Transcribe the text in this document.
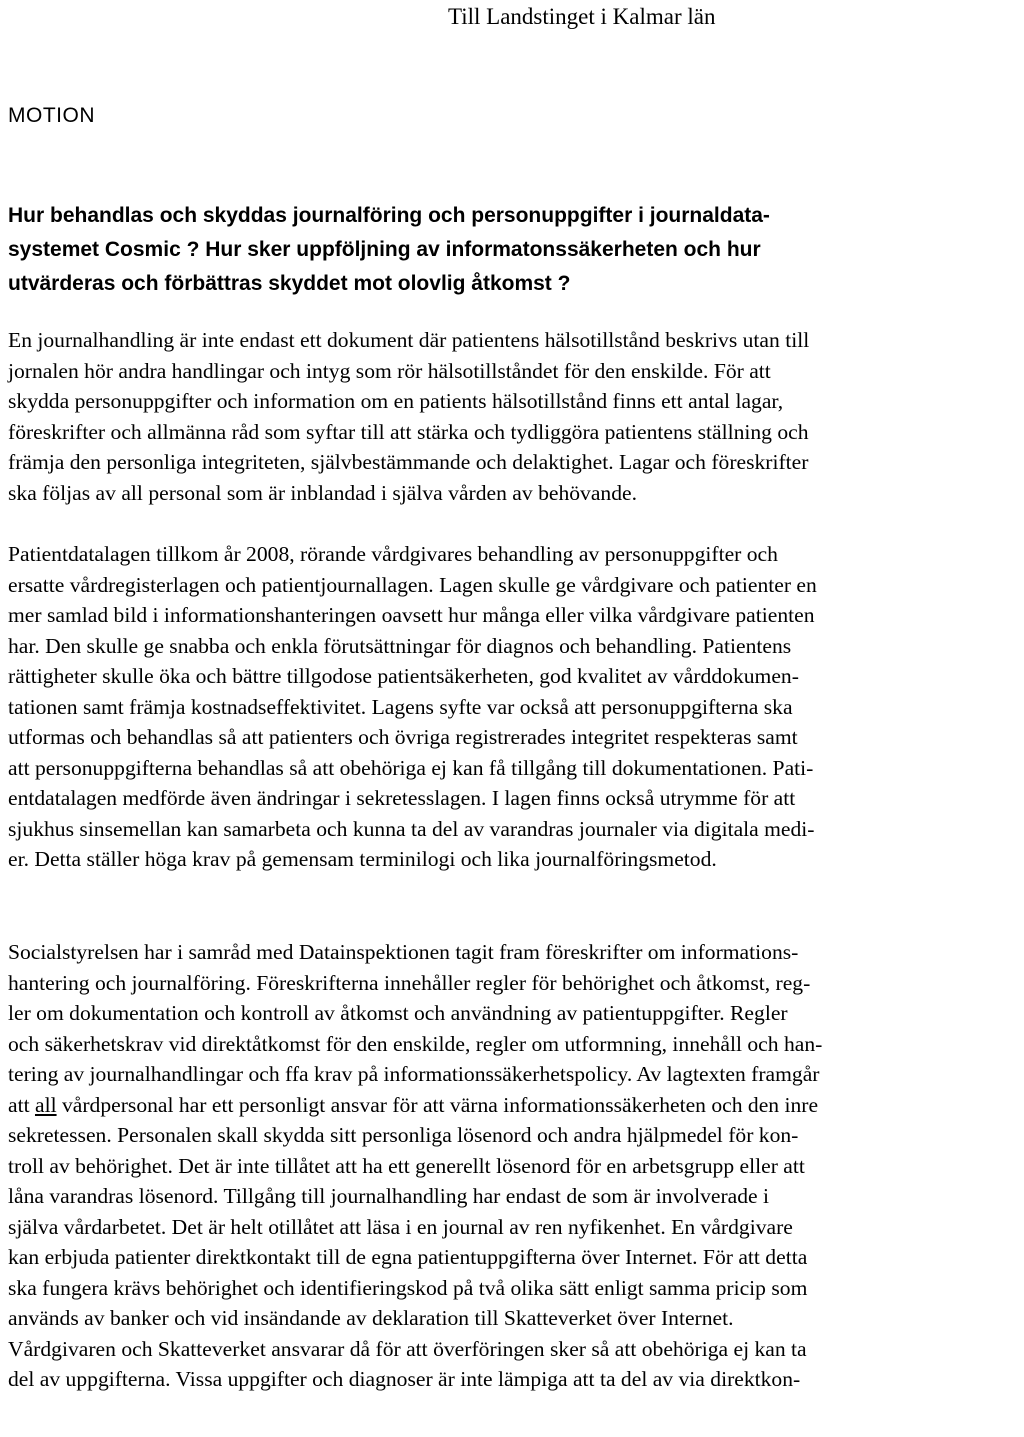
Till Landstinget i Kalmar län
MOTION
Hur behandlas och skyddas journalföring och personuppgifter i journaldata-
systemet Cosmic ? Hur sker uppföljning av informatonssäkerheten och hur
utvärderas och förbättras skyddet mot olovlig åtkomst ?
En journalhandling är inte endast ett dokument där patientens hälsotillstånd beskrivs utan till
jornalen hör andra handlingar och intyg som rör hälsotillståndet för den enskilde. För att
skydda personuppgifter och information om en patients hälsotillstånd finns ett antal lagar,
föreskrifter och allmänna råd som syftar till att stärka och tydliggöra patientens ställning och
främja den personliga integriteten, självbestämmande och delaktighet. Lagar och föreskrifter
ska följas av all personal som är inblandad i själva vården av behövande.
Patientdatalagen tillkom år 2008, rörande vårdgivares behandling av personuppgifter och
ersatte vårdregisterlagen och patientjournallagen. Lagen skulle ge vårdgivare och patienter en
mer samlad bild i informationshanteringen oavsett hur många eller vilka vårdgivare patienten
har. Den skulle ge snabba och enkla förutsättningar för diagnos och behandling. Patientens
rättigheter skulle öka och bättre tillgodose patientsäkerheten, god kvalitet av vårddokumen-
tationen samt främja kostnadseffektivitet. Lagens syfte var också att personuppgifterna ska
utformas och behandlas så att patienters och övriga registrerades integritet respekteras samt
att personuppgifterna behandlas så att obehöriga ej kan få tillgång till dokumentationen. Pati-
entdatalagen medförde även ändringar i sekretesslagen. I lagen finns också utrymme för att
sjukhus sinsemellan kan samarbeta och kunna ta del av varandras journaler via digitala medi-
er. Detta ställer höga krav på gemensam terminilogi och lika journalföringsmetod.
Socialstyrelsen har i samråd med Datainspektionen tagit fram föreskrifter om informations-
hantering och journalföring. Föreskrifterna innehåller regler för behörighet och åtkomst, reg-
ler om dokumentation och kontroll av åtkomst och användning av patientuppgifter. Regler
och säkerhetskrav vid direktåtkomst för den enskilde, regler om utformning, innehåll och han-
tering av journalhandlingar och ffa krav på informationssäkerhetspolicy. Av lagtexten framgår
att all vårdpersonal har ett personligt ansvar för att värna informationssäkerheten och den inre
sekretessen. Personalen skall skydda sitt personliga lösenord och andra hjälpmedel för kon-
troll av behörighet. Det är inte tillåtet att ha ett generellt lösenord för en arbetsgrupp eller att
låna varandras lösenord. Tillgång till journalhandling har endast de som är involverade i
själva vårdarbetet. Det är helt otillåtet att läsa i en journal av ren nyfikenhet. En vårdgivare
kan erbjuda patienter direktkontakt till de egna patientuppgifterna över Internet. För att detta
ska fungera krävs behörighet och identifieringskod på två olika sätt enligt samma pricip som
används av banker och vid insändande av deklaration till Skatteverket över Internet.
Vårdgivaren och Skatteverket ansvarar då för att överföringen sker så att obehöriga ej kan ta
del av uppgifterna. Vissa uppgifter och diagnoser är inte lämpiga att ta del av via direktkon-
